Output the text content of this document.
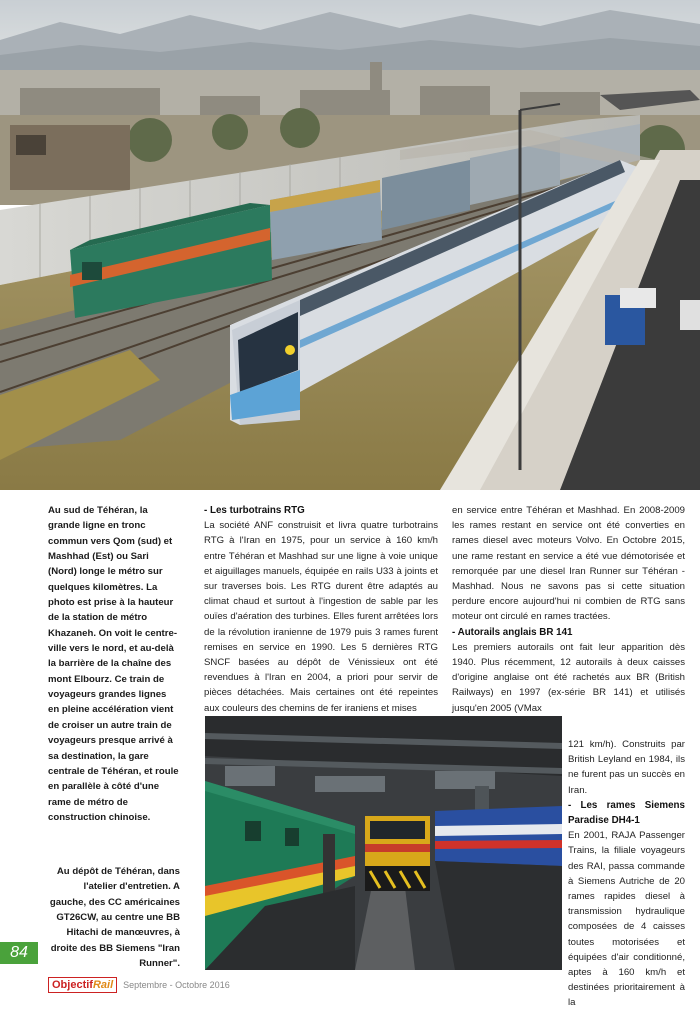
Au sud de Téhéran, la grande ligne en tronc commun vers Qom (sud) et Mashhad (Est) ou Sari (Nord) longe le métro sur quelques kilomètres. La photo est prise à la hauteur de la station de métro Khazaneh. On voit le centre-ville vers le nord, et au-delà la barrière de la chaîne des mont Elbourz. Ce train de voyageurs grandes lignes en pleine accélération vient de croiser un autre train de voyageurs presque arrivé à sa destination, la gare centrale de Téhéran, et roule en parallèle à côté d'une rame de métro de construction chinoise.
Au dépôt de Téhéran, dans l'atelier d'entretien. A gauche, des CC américaines GT26CW, au centre une BB Hitachi de manœuvres, à droite des BB Siemens "Iran Runner".
- Les turbotrains RTG

La société ANF construisit et livra quatre turbotrains RTG à l'Iran en 1975, pour un service à 160 km/h entre Téhéran et Mashhad sur une ligne à voie unique et aiguillages manuels, équipée en rails U33 à joints et sur traverses bois. Les RTG durent être adaptés au climat chaud et surtout à l'ingestion de sable par les ouïes d'aération des turbines. Elles furent arrêtées lors de la révolution iranienne de 1979 puis 3 rames furent remises en service en 1990. Les 5 dernières RTG SNCF basées au dépôt de Vénissieux ont été revendues à l'Iran en 2004, a priori pour servir de pièces détachées. Mais certaines ont été repeintes aux couleurs des chemins de fer iraniens et mises

en service entre Téhéran et Mashhad. En 2008-2009 les rames restant en service ont été converties en rames diesel avec moteurs Volvo. En Octobre 2015, une rame restant en service a été vue démotorisée et remorquée par une diesel Iran Runner sur Téhéran - Mashhad. Nous ne savons pas si cette situation perdure encore aujourd'hui ni combien de RTG sans moteur ont circulé en rames tractées.

- Autorails anglais BR 141

Les premiers autorails ont fait leur apparition dès 1940. Plus récemment, 12 autorails à deux caisses d'origine anglaise ont été rachetés aux BR (British Railways) en 1997 (ex-série BR 141) et utilisés jusqu'en 2005 (VMax

121 km/h). Construits par British Leyland en 1984, ils ne furent pas un succès en Iran.

- Les rames Siemens Paradise DH4-1

En 2001, RAJA Passenger Trains, la filiale voyageurs des RAI, passa commande à Siemens Autriche de 20 rames rapides diesel à transmission hydraulique composées de 4 caisses toutes motorisées et équipées d'air conditionné, aptes à 160 km/h et destinées prioritairement à la

84
Objectif Rail Septembre - Octobre 2016
